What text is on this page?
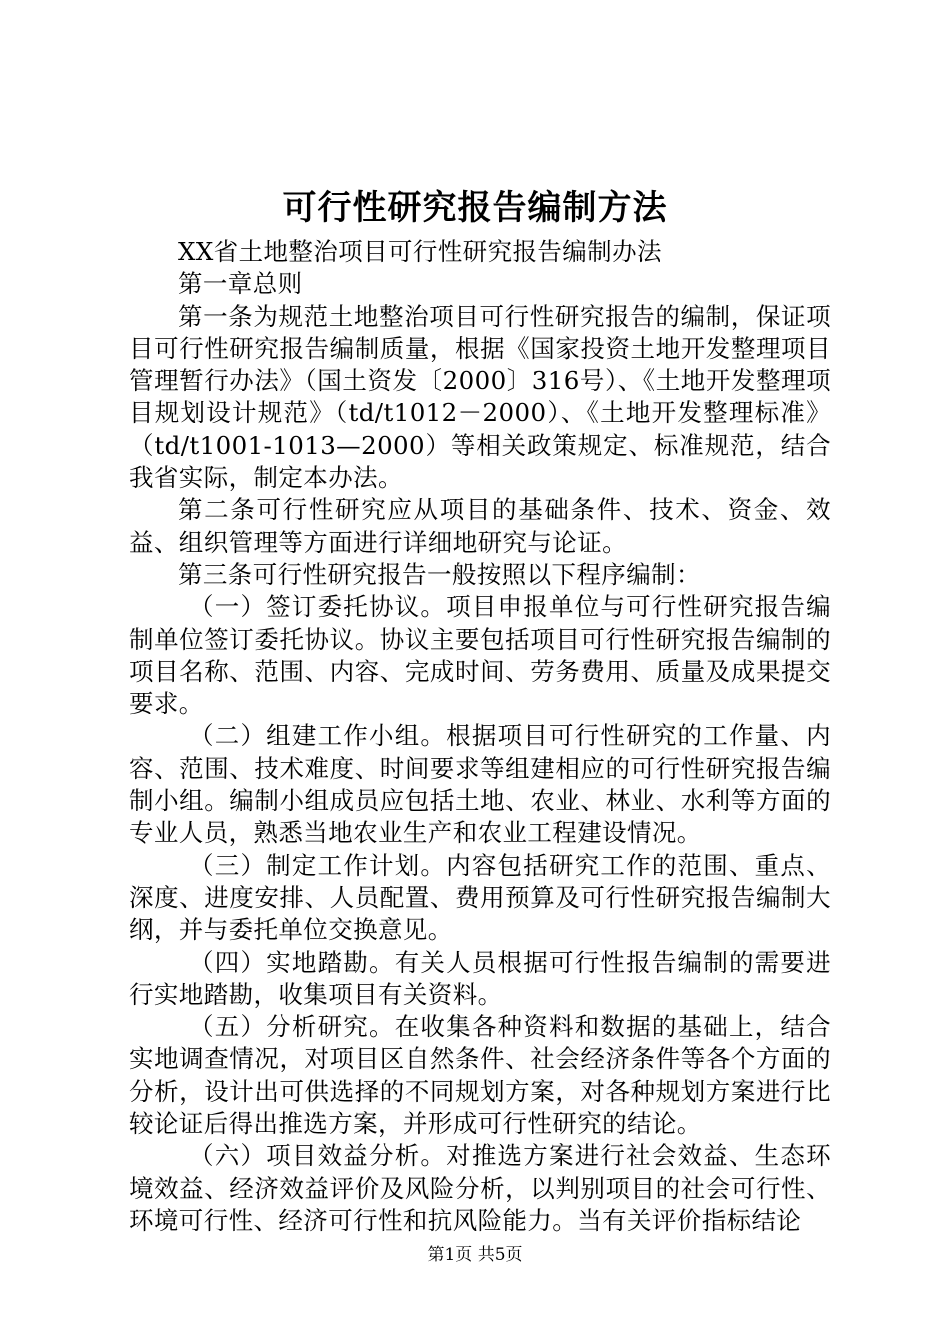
可行性研究报告编制方法

XX省土地整治项目可行性研究报告编制办法

第一章总则

第一条为规范土地整治项目可行性研究报告的编制，保证项目可行性研究报告编制质量，根据《国家投资土地开发整理项目管理暂行办法》（国土资发〔2000〕316号）、《土地开发整理项目规划设计规范》（td/t1012－2000）、《土地开发整理标准》（td/t1001-1013—2000）等相关政策规定、标准规范，结合我省实际，制定本办法。

第二条可行性研究应从项目的基础条件、技术、资金、效益、组织管理等方面进行详细地研究与论证。

第三条可行性研究报告一般按照以下程序编制：

（一）签订委托协议。项目申报单位与可行性研究报告编制单位签订委托协议。协议主要包括项目可行性研究报告编制的项目名称、范围、内容、完成时间、劳务费用、质量及成果提交要求。

（二）组建工作小组。根据项目可行性研究的工作量、内容、范围、技术难度、时间要求等组建相应的可行性研究报告编制小组。编制小组成员应包括土地、农业、林业、水利等方面的专业人员，熟悉当地农业生产和农业工程建设情况。

（三）制定工作计划。内容包括研究工作的范围、重点、深度、进度安排、人员配置、费用预算及可行性研究报告编制大纲，并与委托单位交换意见。

（四）实地踏勘。有关人员根据可行性报告编制的需要进行实地踏勘，收集项目有关资料。

（五）分析研究。在收集各种资料和数据的基础上，结合实地调查情况，对项目区自然条件、社会经济条件等各个方面的分析，设计出可供选择的不同规划方案，对各种规划方案进行比较论证后得出推选方案，并形成可行性研究的结论。

（六）项目效益分析。对推选方案进行社会效益、生态环境效益、经济效益评价及风险分析，以判别项目的社会可行性、环境可行性、经济可行性和抗风险能力。当有关评价指标结论

第1页 共5页
